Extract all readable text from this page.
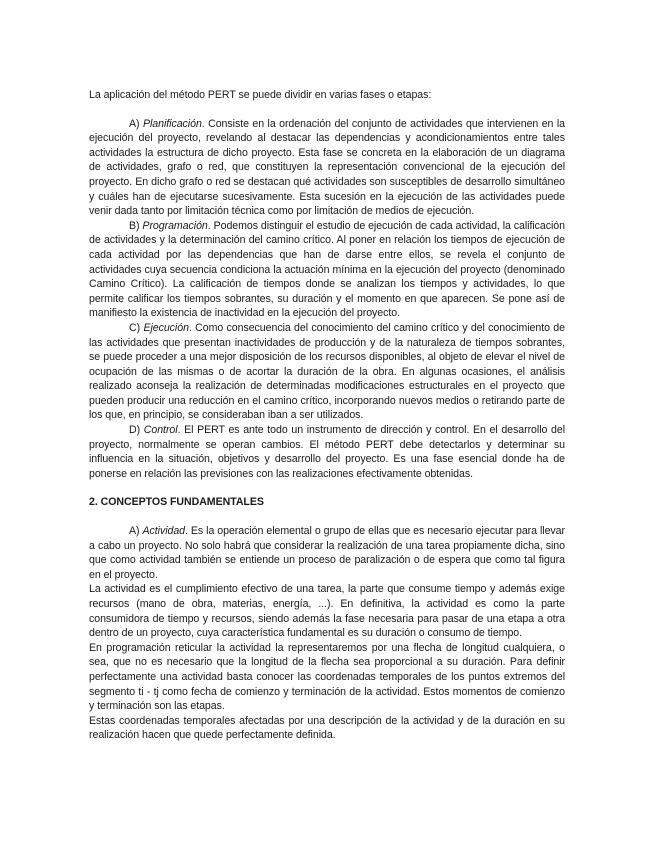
La aplicación del método PERT se puede dividir en varias fases o etapas:

A) Planificación. Consiste en la ordenación del conjunto de actividades que intervienen en la ejecución del proyecto, revelando al destacar las dependencias y acondicionamientos entre tales actividades la estructura de dicho proyecto. Esta fase se concreta en la elaboración de un diagrama de actividades, grafo o red, que constituyen la representación convencional de la ejecución del proyecto. En dicho grafo o red se destacan qué actividades son susceptibles de desarrollo simultáneo y cuáles han de ejecutarse sucesivamente. Esta sucesión en la ejecución de las actividades puede venir dada tanto por limitación técnica como por limitación de medios de ejecución.

B) Programación. Podemos distinguir el estudio de ejecución de cada actividad, la calificación de actividades y la determinación del camino crítico. Al poner en relación los tiempos de ejecución de cada actividad por las dependencias que han de darse entre ellos, se revela el conjunto de actividades cuya secuencia condiciona la actuación mínima en la ejecución del proyecto (denominado Camino Crítico). La calificación de tiempos donde se analizan los tiempos y actividades, lo que permite calificar los tiempos sobrantes, su duración y el momento en que aparecen. Se pone así de manifiesto la existencia de inactividad en la ejecución del proyecto.

C) Ejecución. Como consecuencia del conocimiento del camino crítico y del conocimiento de las actividades que presentan inactividades de producción y de la naturaleza de tiempos sobrantes, se puede proceder a una mejor disposición de los recursos disponibles, al objeto de elevar el nivel de ocupación de las mismas o de acortar la duración de la obra. En algunas ocasiones, el análisis realizado aconseja la realización de determinadas modificaciones estructurales en el proyecto que pueden producir una reducción en el camino crítico, incorporando nuevos medios o retirando parte de los que, en principio, se consideraban iban a ser utilizados.

D) Control. El PERT es ante todo un instrumento de dirección y control. En el desarrollo del proyecto, normalmente se operan cambios. El método PERT debe detectarlos y determinar su influencia en la situación, objetivos y desarrollo del proyecto. Es una fase esencial donde ha de ponerse en relación las previsiones con las realizaciones efectivamente obtenidas.

2. CONCEPTOS FUNDAMENTALES

A) Actividad. Es la operación elemental o grupo de ellas que es necesario ejecutar para llevar a cabo un proyecto. No solo habrá que considerar la realización de una tarea propiamente dicha, sino que como actividad también se entiende un proceso de paralización o de espera que como tal figura en el proyecto.

La actividad es el cumplimiento efectivo de una tarea, la parte que consume tiempo y además exige recursos (mano de obra, materias, energía, ...). En definitiva, la actividad es como la parte consumidora de tiempo y recursos, siendo además la fase necesaria para pasar de una etapa a otra dentro de un proyecto, cuya característica fundamental es su duración o consumo de tiempo.

En programación reticular la actividad la representaremos por una flecha de longitud cualquiera, o sea, que no es necesario que la longitud de la flecha sea proporcional a su duración. Para definir perfectamente una actividad basta conocer las coordenadas temporales de los puntos extremos del segmento ti - tj como fecha de comienzo y terminación de la actividad. Estos momentos de comienzo y terminación son las etapas.

Estas coordenadas temporales afectadas por una descripción de la actividad y de la duración en su realización hacen que quede perfectamente definida.
